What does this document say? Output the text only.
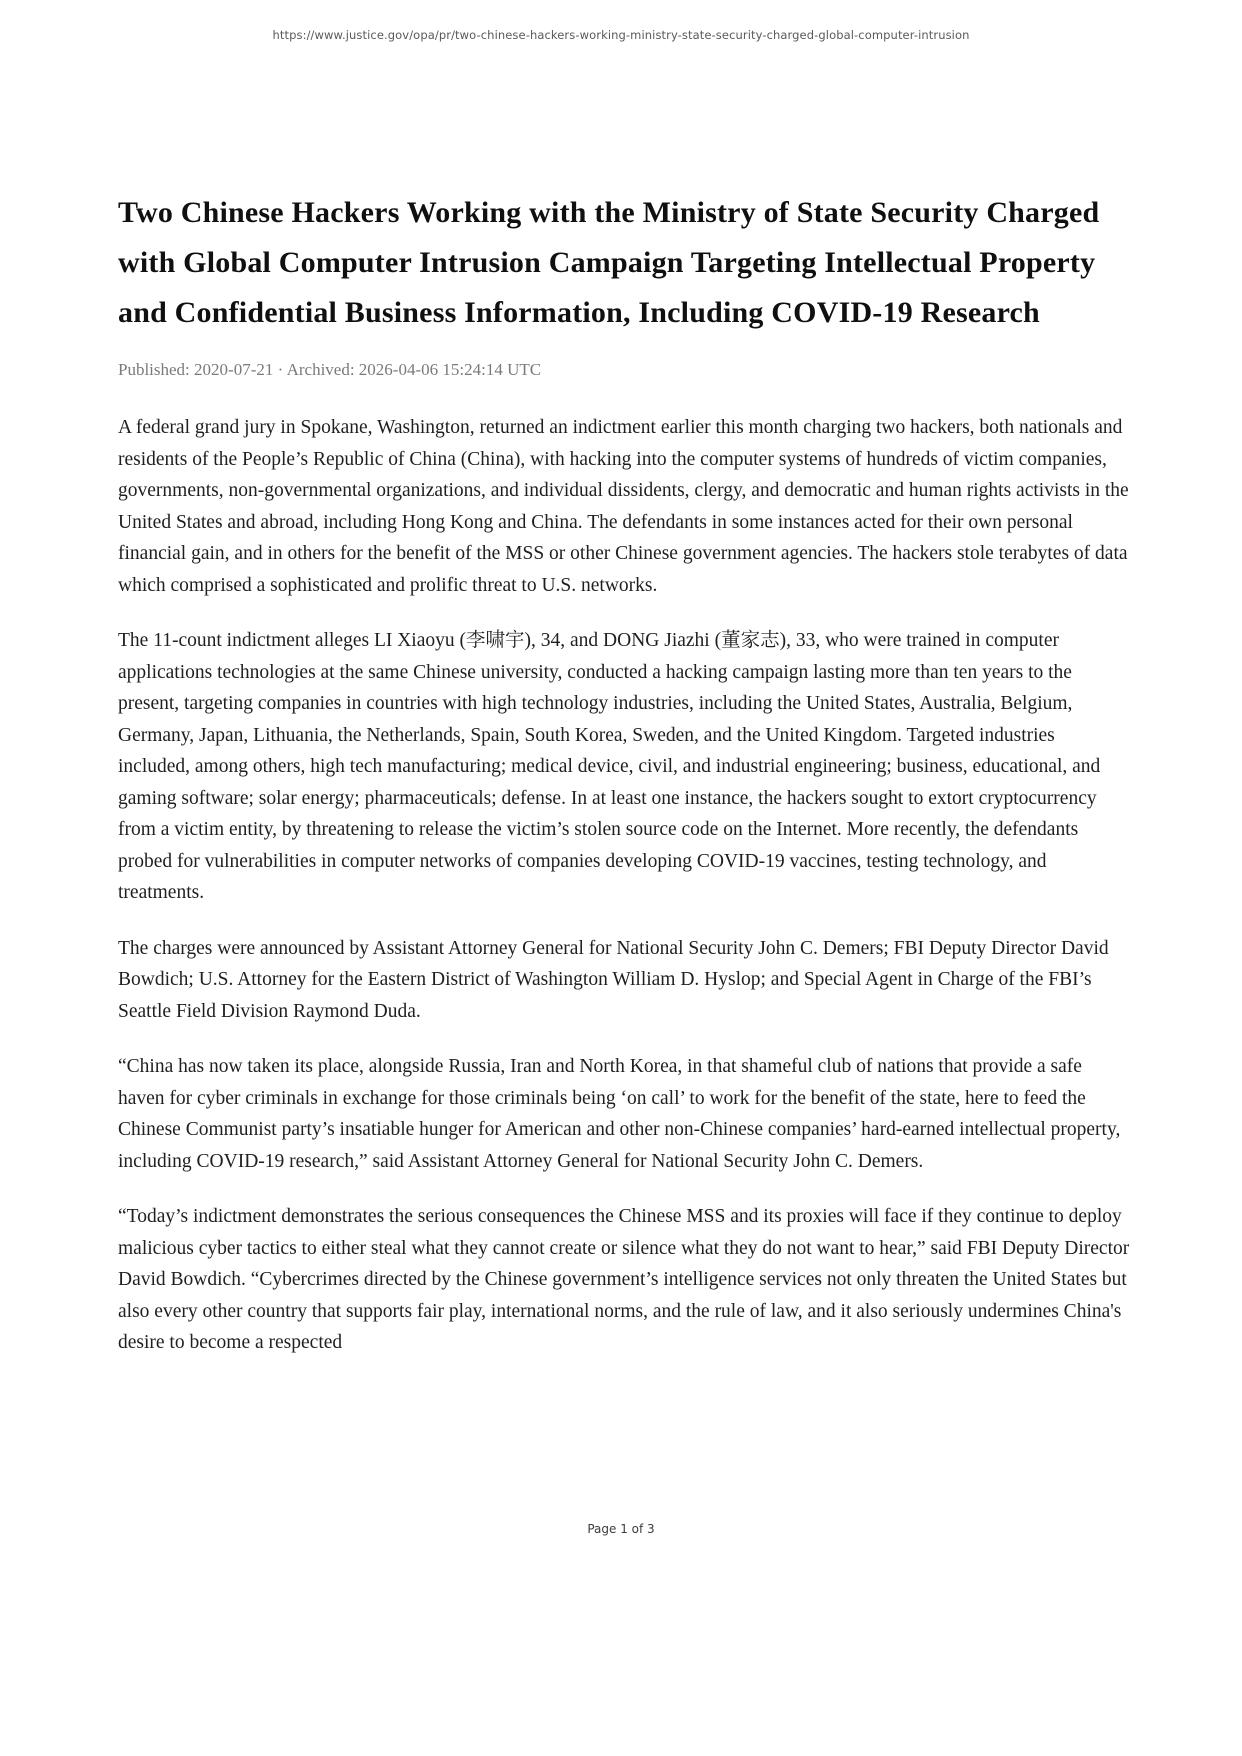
https://www.justice.gov/opa/pr/two-chinese-hackers-working-ministry-state-security-charged-global-computer-intrusion
Two Chinese Hackers Working with the Ministry of State Security Charged with Global Computer Intrusion Campaign Targeting Intellectual Property and Confidential Business Information, Including COVID-19 Research
Published: 2020-07-21 · Archived: 2026-04-06 15:24:14 UTC

A federal grand jury in Spokane, Washington, returned an indictment earlier this month charging two hackers, both nationals and residents of the People’s Republic of China (China), with hacking into the computer systems of hundreds of victim companies, governments, non-governmental organizations, and individual dissidents, clergy, and democratic and human rights activists in the United States and abroad, including Hong Kong and China. The defendants in some instances acted for their own personal financial gain, and in others for the benefit of the MSS or other Chinese government agencies. The hackers stole terabytes of data which comprised a sophisticated and prolific threat to U.S. networks.

The 11-count indictment alleges LI Xiaoyu (李啸宇), 34, and DONG Jiazhi (董家志), 33, who were trained in computer applications technologies at the same Chinese university, conducted a hacking campaign lasting more than ten years to the present, targeting companies in countries with high technology industries, including the United States, Australia, Belgium, Germany, Japan, Lithuania, the Netherlands, Spain, South Korea, Sweden, and the United Kingdom. Targeted industries included, among others, high tech manufacturing; medical device, civil, and industrial engineering; business, educational, and gaming software; solar energy; pharmaceuticals; defense. In at least one instance, the hackers sought to extort cryptocurrency from a victim entity, by threatening to release the victim’s stolen source code on the Internet. More recently, the defendants probed for vulnerabilities in computer networks of companies developing COVID-19 vaccines, testing technology, and treatments.

The charges were announced by Assistant Attorney General for National Security John C. Demers; FBI Deputy Director David Bowdich; U.S. Attorney for the Eastern District of Washington William D. Hyslop; and Special Agent in Charge of the FBI’s Seattle Field Division Raymond Duda.

“China has now taken its place, alongside Russia, Iran and North Korea, in that shameful club of nations that provide a safe haven for cyber criminals in exchange for those criminals being ‘on call’ to work for the benefit of the state, here to feed the Chinese Communist party’s insatiable hunger for American and other non-Chinese companies’ hard-earned intellectual property, including COVID-19 research,” said Assistant Attorney General for National Security John C. Demers.

“Today’s indictment demonstrates the serious consequences the Chinese MSS and its proxies will face if they continue to deploy malicious cyber tactics to either steal what they cannot create or silence what they do not want to hear,” said FBI Deputy Director David Bowdich. “Cybercrimes directed by the Chinese government’s intelligence services not only threaten the United States but also every other country that supports fair play, international norms, and the rule of law, and it also seriously undermines China's desire to become a respected

Page 1 of 3
